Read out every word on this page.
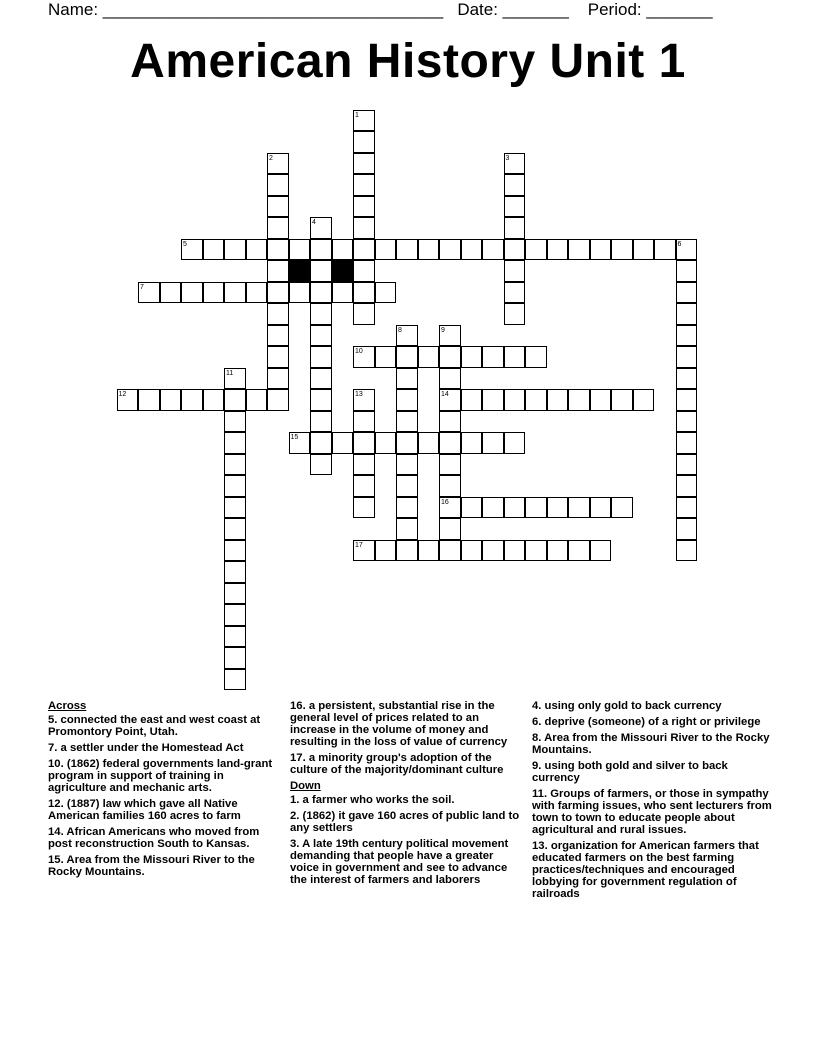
Name: ____________________________________   Date: _______    Period: _______
American History Unit 1
5	6
7
10
12	14
15
16
17
1
2	3
4
8	9
11
13
Across
5. connected the east and west coast at Promontory Point, Utah.
7. a settler under the Homestead Act
10. (1862) federal governments land-grant program in support of training in agriculture and mechanic arts.
12. (1887) law which gave all Native American families 160 acres to farm
14. African Americans who moved from post reconstruction South to Kansas.
15. Area from the Missouri River to the Rocky Mountains.
16. a persistent, substantial rise in the general level of prices related to an increase in the volume of money and resulting in the loss of value of currency
17. a minority group's adoption of the culture of the majority/dominant culture
Down
1. a farmer who works the soil.
2. (1862) it gave 160 acres of public land to any settlers
3. A late 19th century political movement demanding that people have a greater voice in government and see to advance the interest of farmers and laborers
4. using only gold to back currency
6. deprive (someone) of a right or privilege
8. Area from the Missouri River to the Rocky Mountains.
9. using both gold and silver to back currency
11. Groups of farmers, or those in sympathy with farming issues, who sent lecturers from town to town to educate people about agricultural and rural issues.
13. organization for American farmers that educated farmers on the best farming practices/techniques and encouraged lobbying for government regulation of railroads
